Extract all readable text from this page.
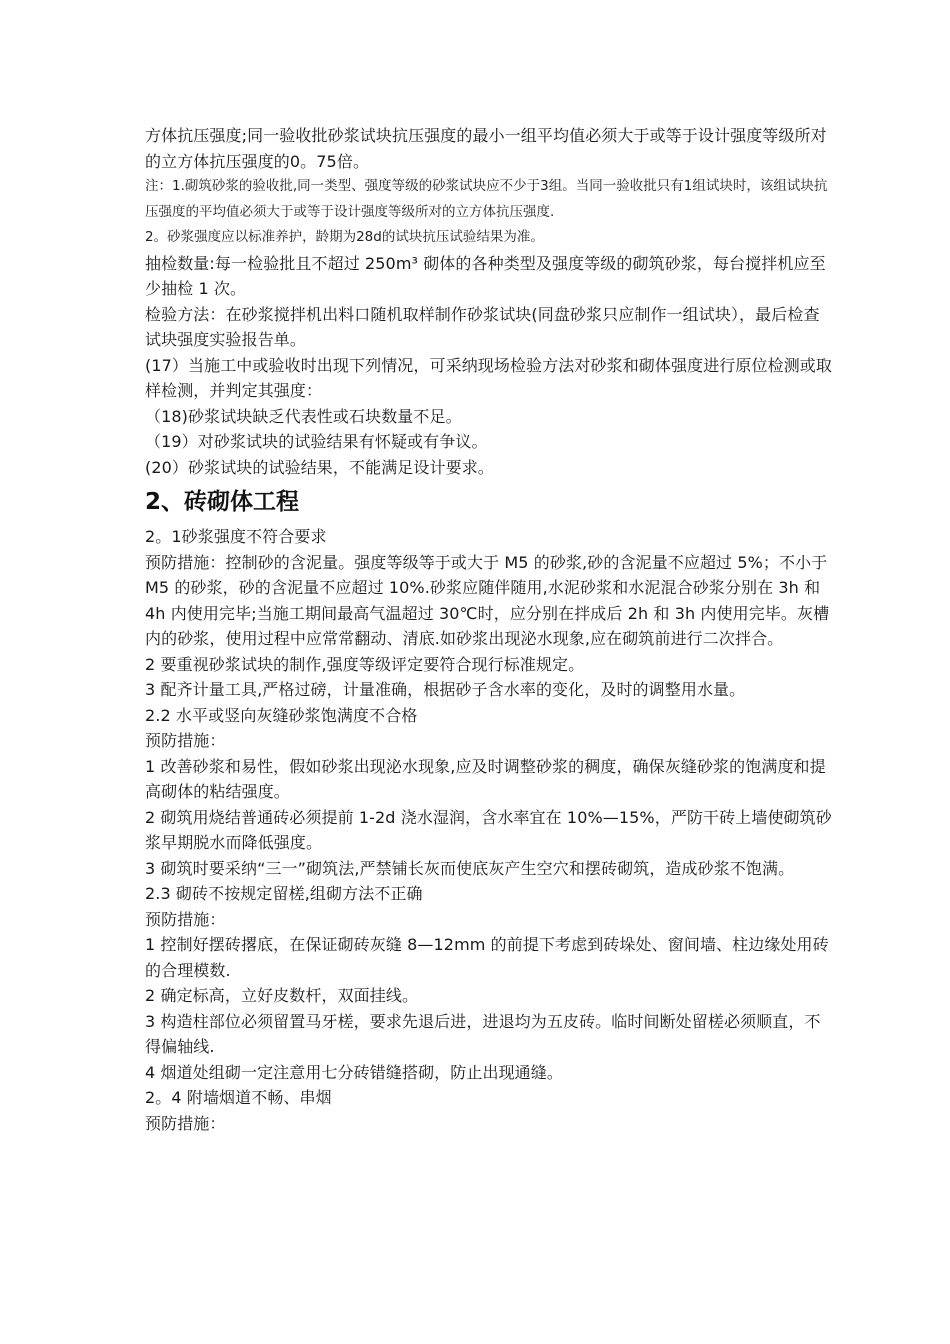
方体抗压强度;同一验收批砂浆试块抗压强度的最小一组平均值必须大于或等于设计强度等级所对的立方体抗压强度的0。75倍。

注：1.砌筑砂浆的验收批,同一类型、强度等级的砂浆试块应不少于3组。当同一验收批只有1组试块时，该组试块抗压强度的平均值必须大于或等于设计强度等级所对的立方体抗压强度.

2。砂浆强度应以标准养护，龄期为28d的试块抗压试验结果为准。

抽检数量:每一检验批且不超过 250m³ 砌体的各种类型及强度等级的砌筑砂浆，每台搅拌机应至少抽检 1 次。

检验方法：在砂浆搅拌机出料口随机取样制作砂浆试块(同盘砂浆只应制作一组试块），最后检查试块强度实验报告单。

(17）当施工中或验收时出现下列情况，可采纳现场检验方法对砂浆和砌体强度进行原位检测或取样检测，并判定其强度：

（18)砂浆试块缺乏代表性或石块数量不足。

（19）对砂浆试块的试验结果有怀疑或有争议。

(20）砂浆试块的试验结果，不能满足设计要求。

2、砖砌体工程

2。1砂浆强度不符合要求

预防措施：控制砂的含泥量。强度等级等于或大于 M5 的砂浆,砂的含泥量不应超过 5%；不小于 M5 的砂浆，砂的含泥量不应超过 10%.砂浆应随伴随用,水泥砂浆和水泥混合砂浆分别在 3h 和 4h 内使用完毕;当施工期间最高气温超过 30℃时，应分别在拌成后 2h 和 3h 内使用完毕。灰槽内的砂浆，使用过程中应常常翻动、清底.如砂浆出现泌水现象,应在砌筑前进行二次拌合。

2 要重视砂浆试块的制作,强度等级评定要符合现行标准规定。

3 配齐计量工具,严格过磅，计量准确，根据砂子含水率的变化，及时的调整用水量。

2.2 水平或竖向灰缝砂浆饱满度不合格

预防措施：

1 改善砂浆和易性，假如砂浆出现泌水现象,应及时调整砂浆的稠度，确保灰缝砂浆的饱满度和提高砌体的粘结强度。

2 砌筑用烧结普通砖必须提前 1-2d 浇水湿润，含水率宜在 10%—15%，严防干砖上墙使砌筑砂浆早期脱水而降低强度。

3 砌筑时要采纳“三一”砌筑法,严禁铺长灰而使底灰产生空穴和摆砖砌筑，造成砂浆不饱满。

2.3 砌砖不按规定留槎,组砌方法不正确

预防措施：

1 控制好摆砖撂底，在保证砌砖灰缝 8—12mm 的前提下考虑到砖垛处、窗间墙、柱边缘处用砖的合理模数.

2 确定标高，立好皮数杆，双面挂线。

3 构造柱部位必须留置马牙槎，要求先退后进，进退均为五皮砖。临时间断处留槎必须顺直，不得偏轴线.

4 烟道处组砌一定注意用七分砖错缝搭砌，防止出现通缝。

2。4 附墙烟道不畅、串烟

预防措施：
